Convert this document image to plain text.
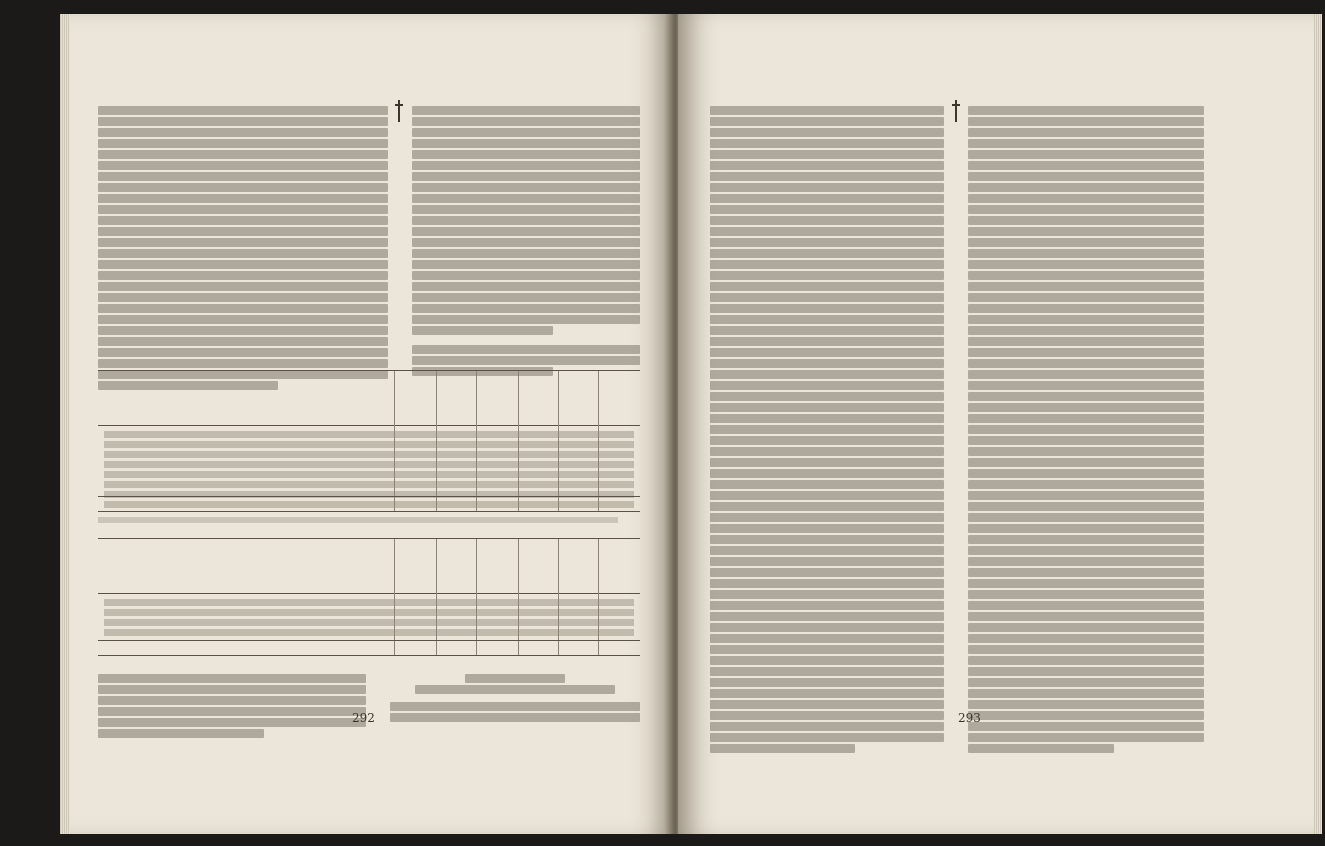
292	293
